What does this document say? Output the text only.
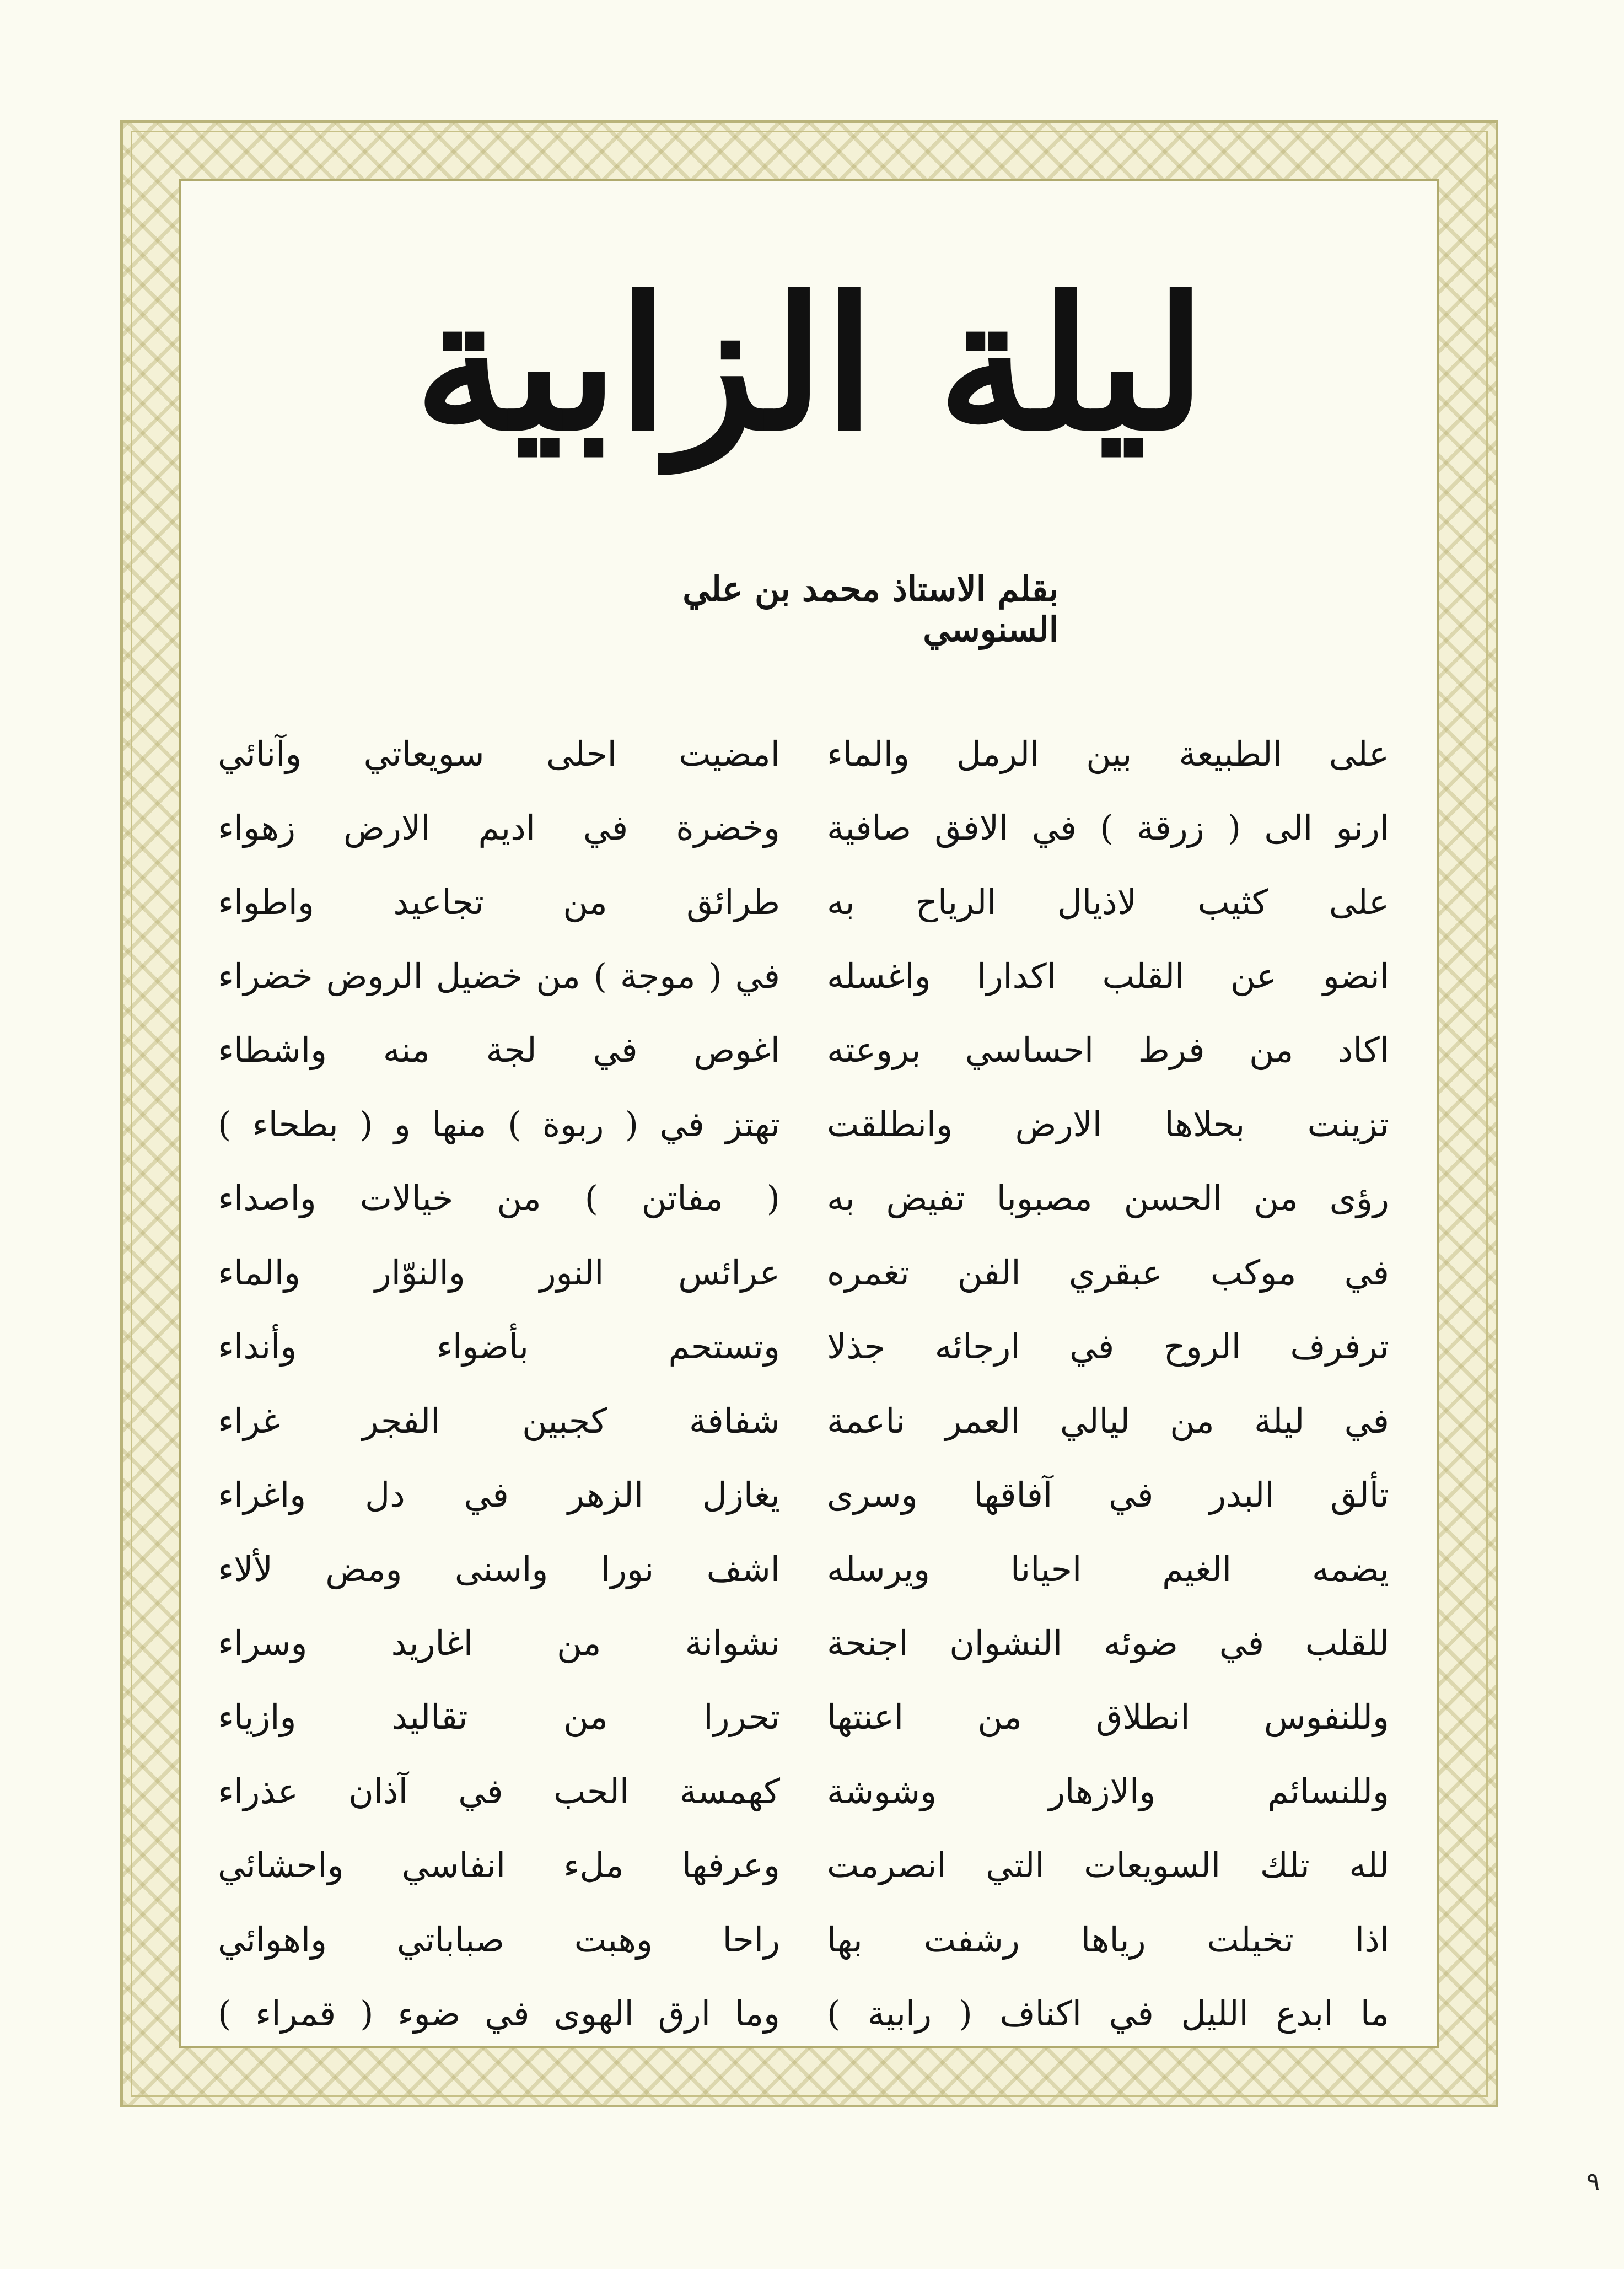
ليلة الزابية
بقلم الاستاذ محمد بن علي السنوسي
على الطبيعة بين الرمل والماء
ارنو الى ( زرقة ) في الافق صافية
على كثيب لاذيال الرياح به
انضو عن القلب اكدارا واغسله
اكاد من فرط احساسي بروعته
تزينت بحلاها الارض وانطلقت
رؤى من الحسن مصبوبا تفيض به
في موكب عبقري الفن تغمره
ترفرف الروح في ارجائه جذلا
في ليلة من ليالي العمر ناعمة
تألق البدر في آفاقها وسرى
يضمه الغيم احيانا ويرسله
للقلب في ضوئه النشوان اجنحة
وللنفوس انطلاق من اعنتها
وللنسائم والازهار وشوشة
لله تلك السويعات التي انصرمت
اذا تخيلت رياها رشفت بها
ما ابدع الليل في اكناف ( رابية )
امضيت احلى سويعاتي وآنائي
وخضرة في اديم الارض زهواء
طرائق من تجاعيد واطواء
في ( موجة ) من خضيل الروض خضراء
اغوص في لجة منه واشطاء
تهتز في ( ربوة ) منها و ( بطحاء )
( مفاتن ) من خيالات واصداء
عرائس النور والنوّار والماء
وتستحم بأضواء وأنداء
شفافة كجبين الفجر غراء
يغازل الزهر في دل واغراء
اشف نورا واسنى ومض لألاء
نشوانة من اغاريد وسراء
تحررا من تقاليد وازياء
كهمسة الحب في آذان عذراء
وعرفها ملء انفاسي واحشائي
راحا وهبت صباباتي واهوائي
وما ارق الهوى في ضوء ( قمراء )
٩
